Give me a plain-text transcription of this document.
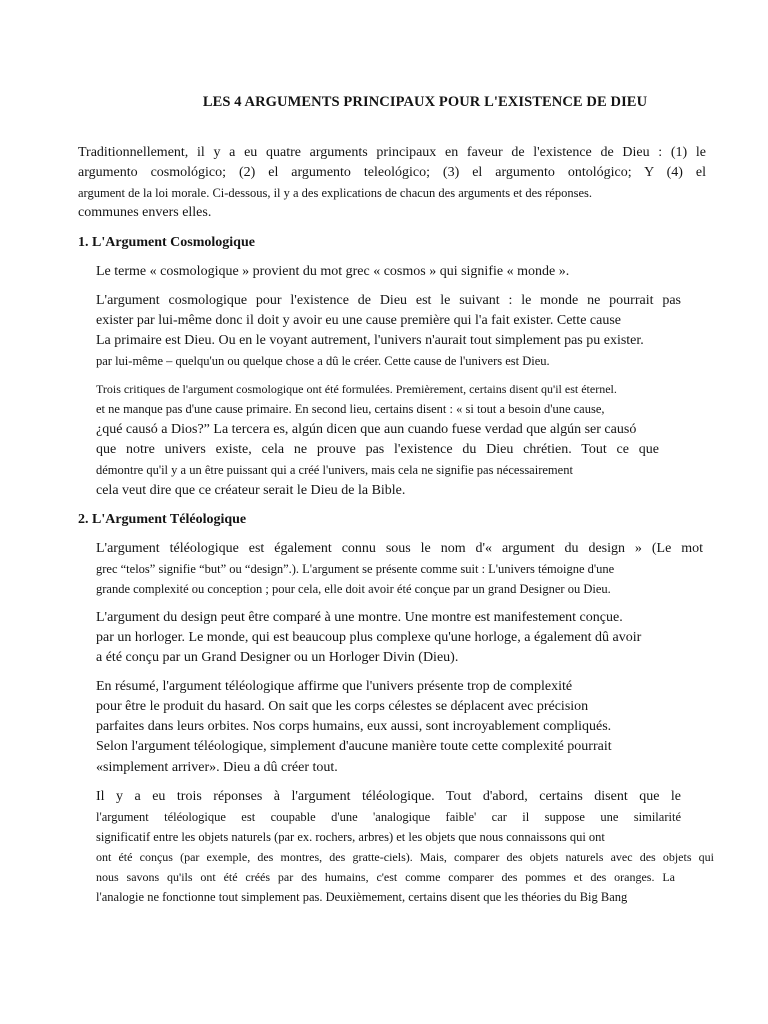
LES 4 ARGUMENTS PRINCIPAUX POUR L'EXISTENCE DE DIEU

Traditionnellement, il y a eu quatre arguments principaux en faveur de l'existence de Dieu : (1) le

argumento cosmológico; (2) el argumento teleológico; (3) el argumento ontológico; Y (4) el

argument de la loi morale. Ci-dessous, il y a des explications de chacun des arguments et des réponses.

communes envers elles.

1. L'Argument Cosmologique

Le terme « cosmologique » provient du mot grec « cosmos » qui signifie « monde ».

L'argument cosmologique pour l'existence de Dieu est le suivant : le monde ne pourrait pas

exister par lui-même donc il doit y avoir eu une cause première qui l'a fait exister. Cette cause

La primaire est Dieu. Ou en le voyant autrement, l'univers n'aurait tout simplement pas pu exister.

par lui-même – quelqu'un ou quelque chose a dû le créer. Cette cause de l'univers est Dieu.

Trois critiques de l'argument cosmologique ont été formulées. Premièrement, certains disent qu'il est éternel.

et ne manque pas d'une cause primaire. En second lieu, certains disent : « si tout a besoin d'une cause,

¿qué causó a Dios?” La tercera es, algún dicen que aun cuando fuese verdad que algún ser causó

que notre univers existe, cela ne prouve pas l'existence du Dieu chrétien. Tout ce que

démontre qu'il y a un être puissant qui a créé l'univers, mais cela ne signifie pas nécessairement

cela veut dire que ce créateur serait le Dieu de la Bible.

2. L'Argument Téléologique

L'argument téléologique est également connu sous le nom d'« argument du design » (Le mot

grec “telos” signifie “but” ou “design”.). L'argument se présente comme suit : L'univers témoigne d'une

grande complexité ou conception ; pour cela, elle doit avoir été conçue par un grand Designer ou Dieu.

L'argument du design peut être comparé à une montre. Une montre est manifestement conçue.

par un horloger. Le monde, qui est beaucoup plus complexe qu'une horloge, a également dû avoir

a été conçu par un Grand Designer ou un Horloger Divin (Dieu).

En résumé, l'argument téléologique affirme que l'univers présente trop de complexité

pour être le produit du hasard. On sait que les corps célestes se déplacent avec précision

parfaites dans leurs orbites. Nos corps humains, eux aussi, sont incroyablement compliqués.

Selon l'argument téléologique, simplement d'aucune manière toute cette complexité pourrait

«simplement arriver». Dieu a dû créer tout.

Il y a eu trois réponses à l'argument téléologique. Tout d'abord, certains disent que le

l'argument téléologique est coupable d'une 'analogique faible' car il suppose une similarité

significatif entre les objets naturels (par ex. rochers, arbres) et les objets que nous connaissons qui ont

ont été conçus (par exemple, des montres, des gratte-ciels). Mais, comparer des objets naturels avec des objets qui

nous savons qu'ils ont été créés par des humains, c'est comme comparer des pommes et des oranges. La

l'analogie ne fonctionne tout simplement pas. Deuxièmement, certains disent que les théories du Big Bang
